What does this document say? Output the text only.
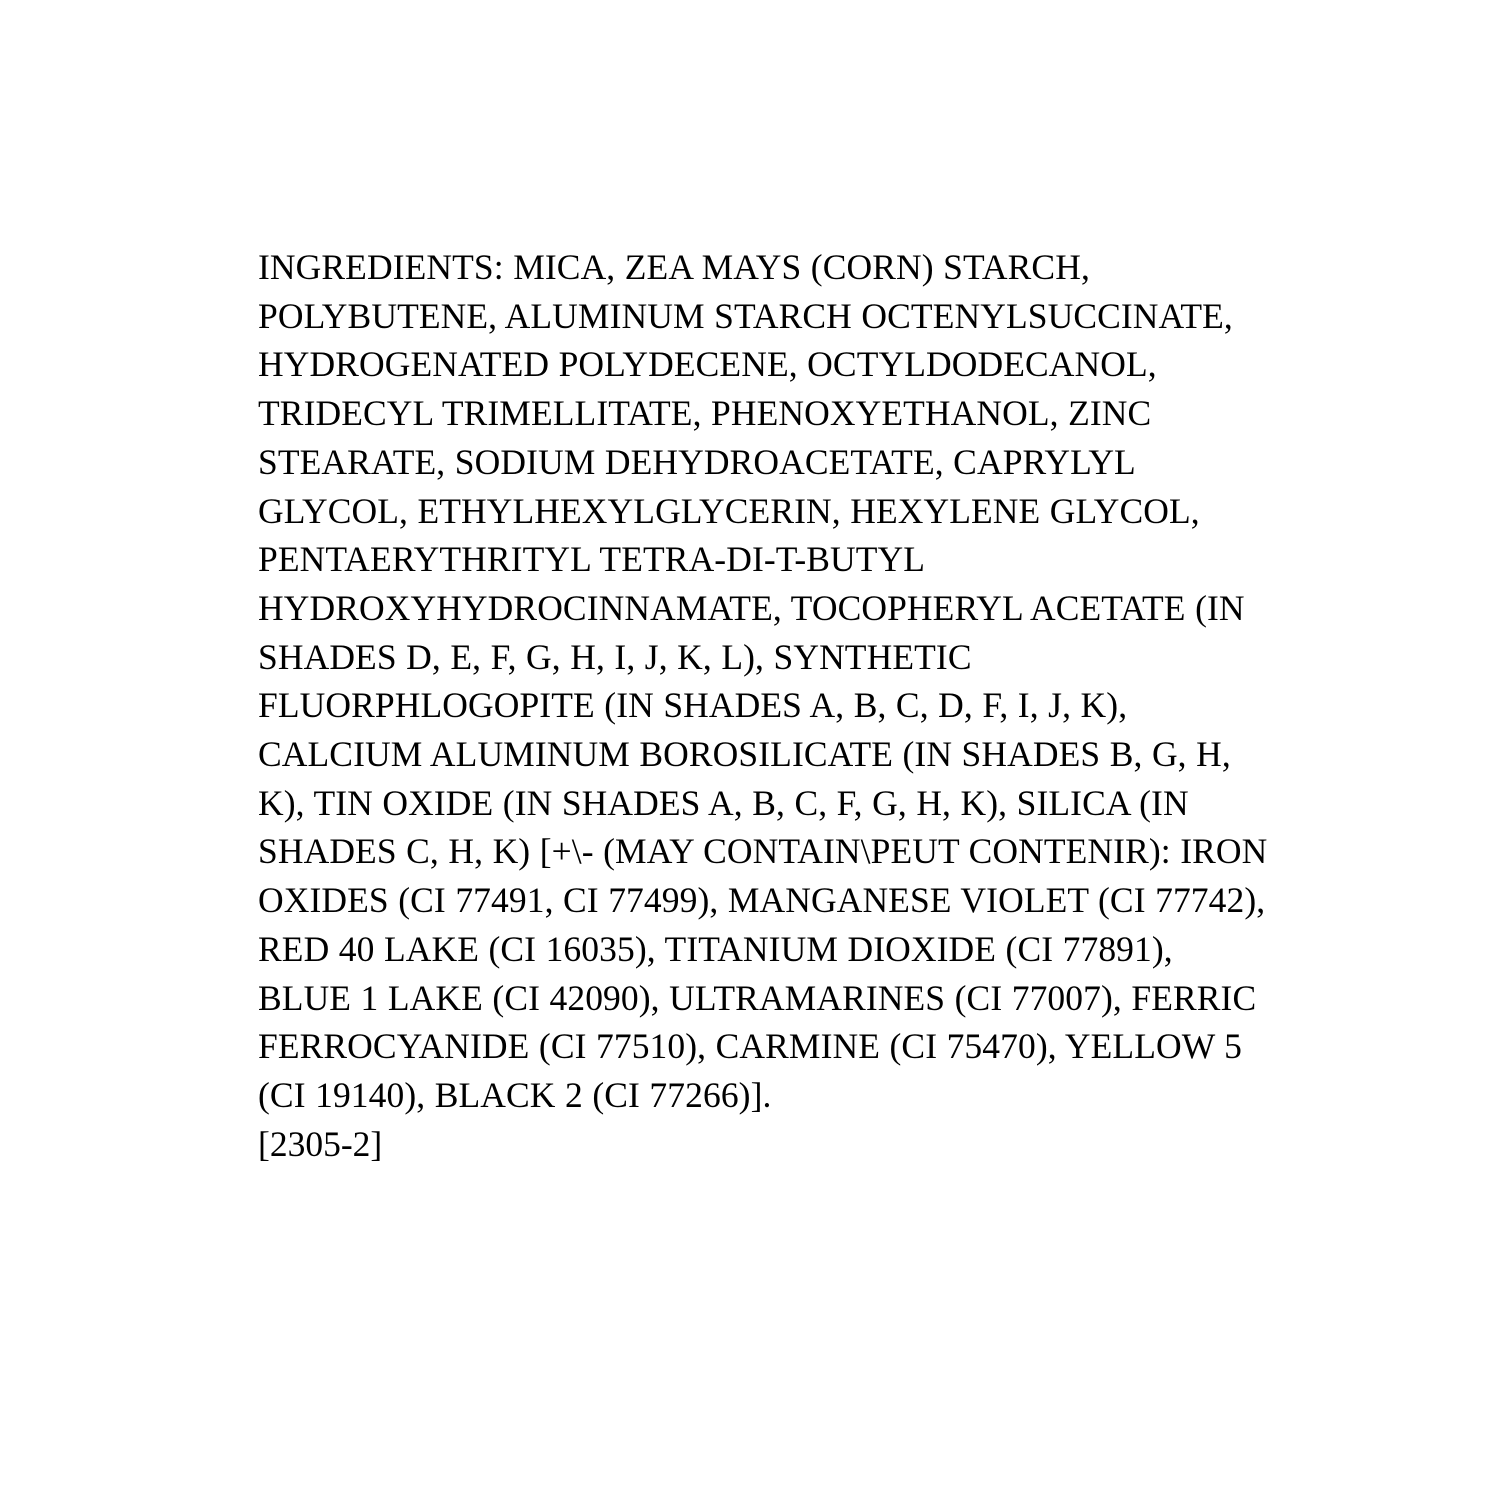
INGREDIENTS: MICA, ZEA MAYS (CORN) STARCH, POLYBUTENE, ALUMINUM STARCH OCTENYLSUCCINATE, HYDROGENATED POLYDECENE, OCTYLDODECANOL, TRIDECYL TRIMELLITATE, PHENOXYETHANOL, ZINC STEARATE, SODIUM DEHYDROACETATE, CAPRYLYL GLYCOL, ETHYLHEXYLGLYCERIN, HEXYLENE GLYCOL, PENTAERYTHRITYL TETRA-DI-T-BUTYL HYDROXYHYDROCINNAMATE, TOCOPHERYL ACETATE (IN SHADES D, E, F, G, H, I, J, K, L), SYNTHETIC FLUORPHLOGOPITE (IN SHADES A, B, C, D, F, I, J, K), CALCIUM ALUMINUM BOROSILICATE (IN SHADES B, G, H, K), TIN OXIDE (IN SHADES A, B, C, F, G, H, K), SILICA (IN SHADES C, H, K) [+\- (MAY CONTAIN\PEUT CONTENIR): IRON OXIDES (CI 77491, CI 77499), MANGANESE VIOLET (CI 77742), RED 40 LAKE (CI 16035), TITANIUM DIOXIDE (CI 77891), BLUE 1 LAKE (CI 42090), ULTRAMARINES (CI 77007), FERRIC FERROCYANIDE (CI 77510), CARMINE (CI 75470), YELLOW 5 (CI 19140), BLACK 2 (CI 77266)].
[2305-2]
